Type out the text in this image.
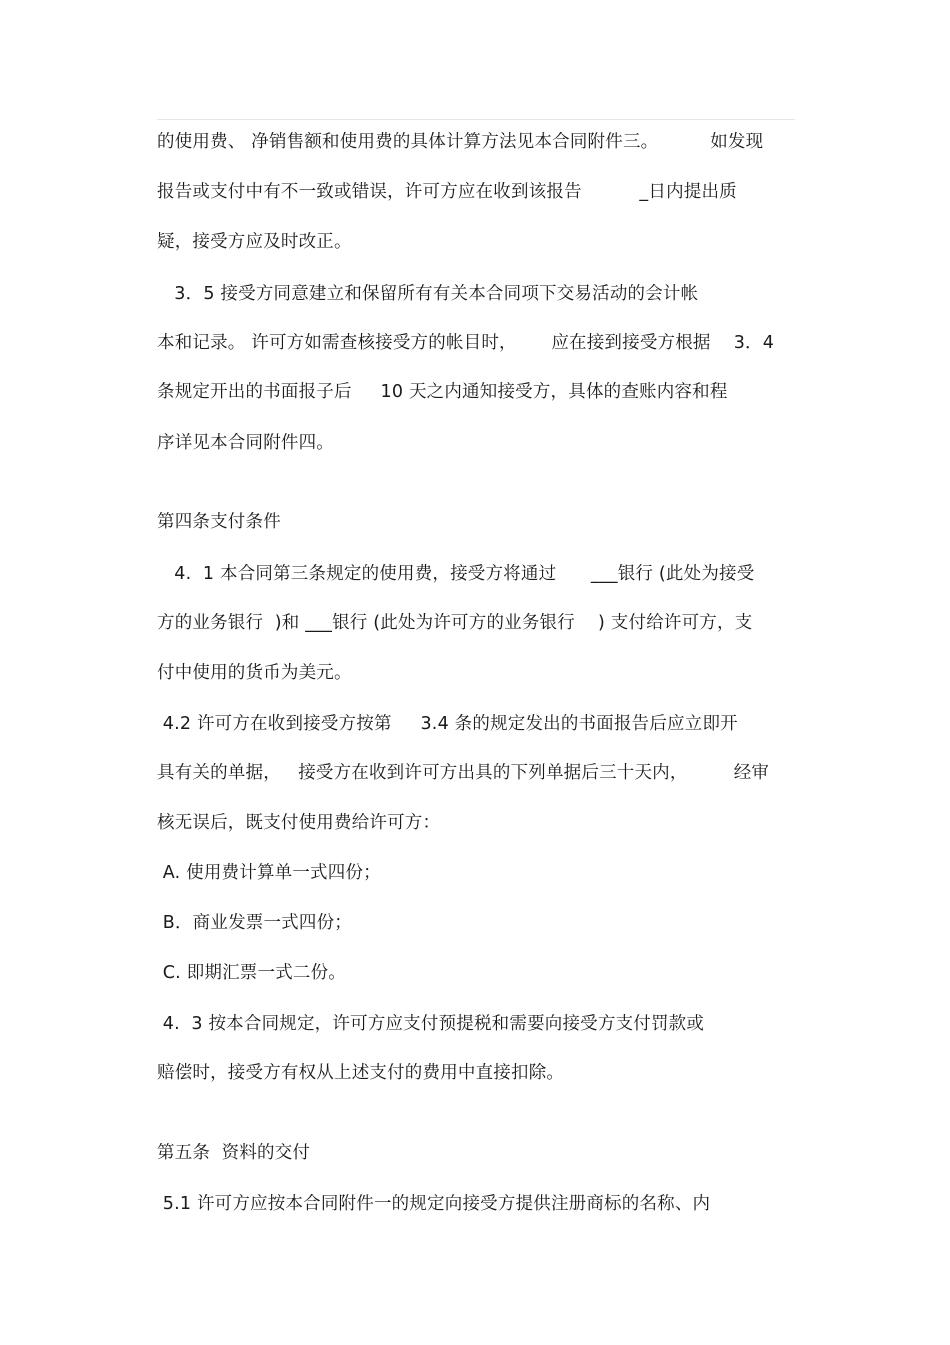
的使用费、 净销售额和使用费的具体计算方法见本合同附件三。         如发现
报告或支付中有不一致或错误，许可方应在收到该报告          _日内提出质
疑，接受方应及时改正。
3．5 接受方同意建立和保留所有有关本合同项下交易活动的会计帐
本和记录。 许可方如需查核接受方的帐目时，      应在接到接受方根据    3．4
条规定开出的书面报子后     10 天之内通知接受方，具体的查账内容和程
序详见本合同附件四。
第四条支付条件
4.  1 本合同第三条规定的使用费，接受方将通过      ___银行 (此处为接受
方的业务银行  )和 ___银行 (此处为许可方的业务银行    ) 支付给许可方，支
付中使用的货币为美元。
4.2 许可方在收到接受方按第     3.4 条的规定发出的书面报告后应立即开
具有关的单据，   接受方在收到许可方出具的下列单据后三十天内，        经审
核无误后，既支付使用费给许可方：
A. 使用费计算单一式四份；
B．商业发票一式四份；
C. 即期汇票一式二份。
4.  3 按本合同规定，许可方应支付预提税和需要向接受方支付罚款或
赔偿时，接受方有权从上述支付的费用中直接扣除。
第五条  资料的交付
5.1 许可方应按本合同附件一的规定向接受方提供注册商标的名称、内
